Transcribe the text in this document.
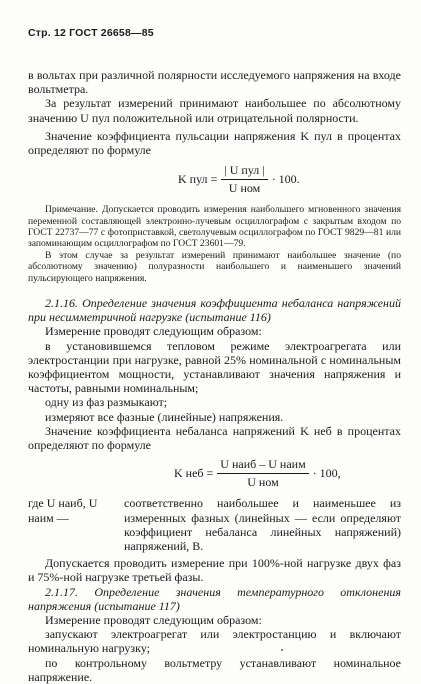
Стр. 12 ГОСТ 26658—85

в вольтах при различной полярности исследуемого напряжения на входе вольтметра.

За результат измерений принимают наибольшее по абсолютному значению U пул положительной или отрицательной полярности.

Значение коэффициента пульсации напряжения K пул в процентах определяют по формуле

K пул = $\frac{\text{| U пул |}}{\text{U ном}} \cdot 100$.

Примечание. Допускается проводить измерения наибольшего мгновенного значения переменной составляющей электронно-лучевым осциллографом с закрытым входом по ГОСТ 22737—77 с фотоприставкой, светолучевым осциллографом по ГОСТ 9829—81 или запоминающим осциллографом по ГОСТ 23601—79.

В этом случае за результат измерений принимают наибольшее значение (по абсолютному значению) полуразности наибольшего и наименьшего значений пульсирующего напряжения.

2.1.16. Определение значения коэффициента небаланса напряжений при несимметричной нагрузке (испытание 116)

Измерение проводят следующим образом:

в установившемся тепловом режиме электроагрегата или электростанции при нагрузке, равной 25% номинальной с номинальным коэффициентом мощности, устанавливают значения напряжения и частоты, равными номинальным;

одну из фаз размыкают;

измеряют все фазные (линейные) напряжения.

Значение коэффициента небаланса напряжений K неб в процентах определяют по формуле

K неб = $\frac{\text{U наиб – U наим}}{\text{U ном}} \cdot 100$,
где U наиб, U наим —
соответственно наибольшее и наименьшее из измеренных фазных (линейных — если определяют коэффициент небаланса линейных напряжений) напряжений, В.

Допускается проводить измерение при 100%-ной нагрузке двух фаз и 75%-ной нагрузке третьей фазы.

2.1.17. Определение значения температурного отклонения напряжения (испытание 117)

Измерение проводят следующим образом:

запускают электроагрегат или электростанцию и включают номинальную нагрузку;

по контрольному вольтметру устанавливают номинальное напряжение.
